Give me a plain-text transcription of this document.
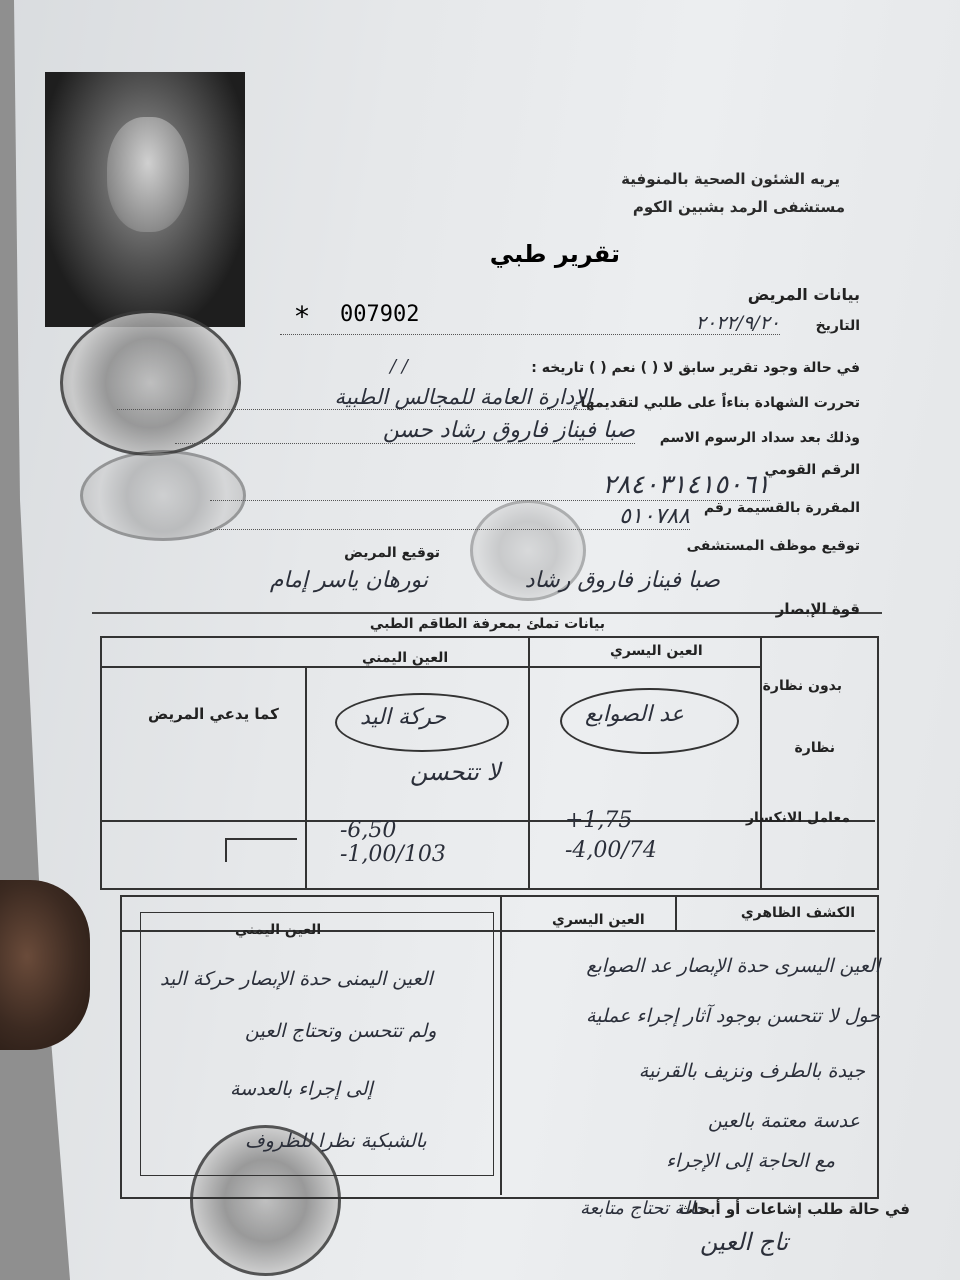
يريه الشئون الصحية بالمنوفية
مستشفى الرمد بشبين الكوم
تقرير طبي
* 007902
بيانات المريض
التاريخ
٢٠٢٢/٩/٢٠
في حالة وجود تقرير سابق لا ( ) نعم ( ) تاريخه :
/ /
تحررت الشهادة بناءاً على طلبي لتقديمها
الإدارة العامة للمجالس الطبية
وذلك بعد سداد الرسوم الاسم
صبا فيناز فاروق رشاد حسن
الرقم القومي
٢٨٤٠٣١٤١٥٠٦١
المقررة بالقسيمة رقم
٥١٠٧٨٨
توقيع موظف المستشفى
نورهان ياسر إمام
توقيع المريض
صبا فيناز فاروق رشاد
قوة الإبصار
بيانات تملئ بمعرفة الطاقم الطبي
العين اليسري
العين اليمني
بدون نظارة
نظارة
معامل الانكسار
كما يدعي المريض	عد الصوابع
حركة اليد
لا تتحسن
+1,75
-4,00/74
-6,50
-1,00/103
الكشف الظاهري
العين اليسري
العين اليمني
العين اليسرى حدة الإبصار عد الصوابع
حول لا تتحسن بوجود آثار إجراء عملية
جيدة بالطرف ونزيف بالقرنية
عدسة معتمة بالعين
مع الحاجة إلى الإجراء
العين اليمنى حدة الإبصار حركة اليد
ولم تتحسن وتحتاج العين
إلى إجراء بالعدسة
بالشبكية نظرا للظروف
في حالة طلب إشاعات أو أبحاث
حالة تحتاج متابعة
تاج العين
